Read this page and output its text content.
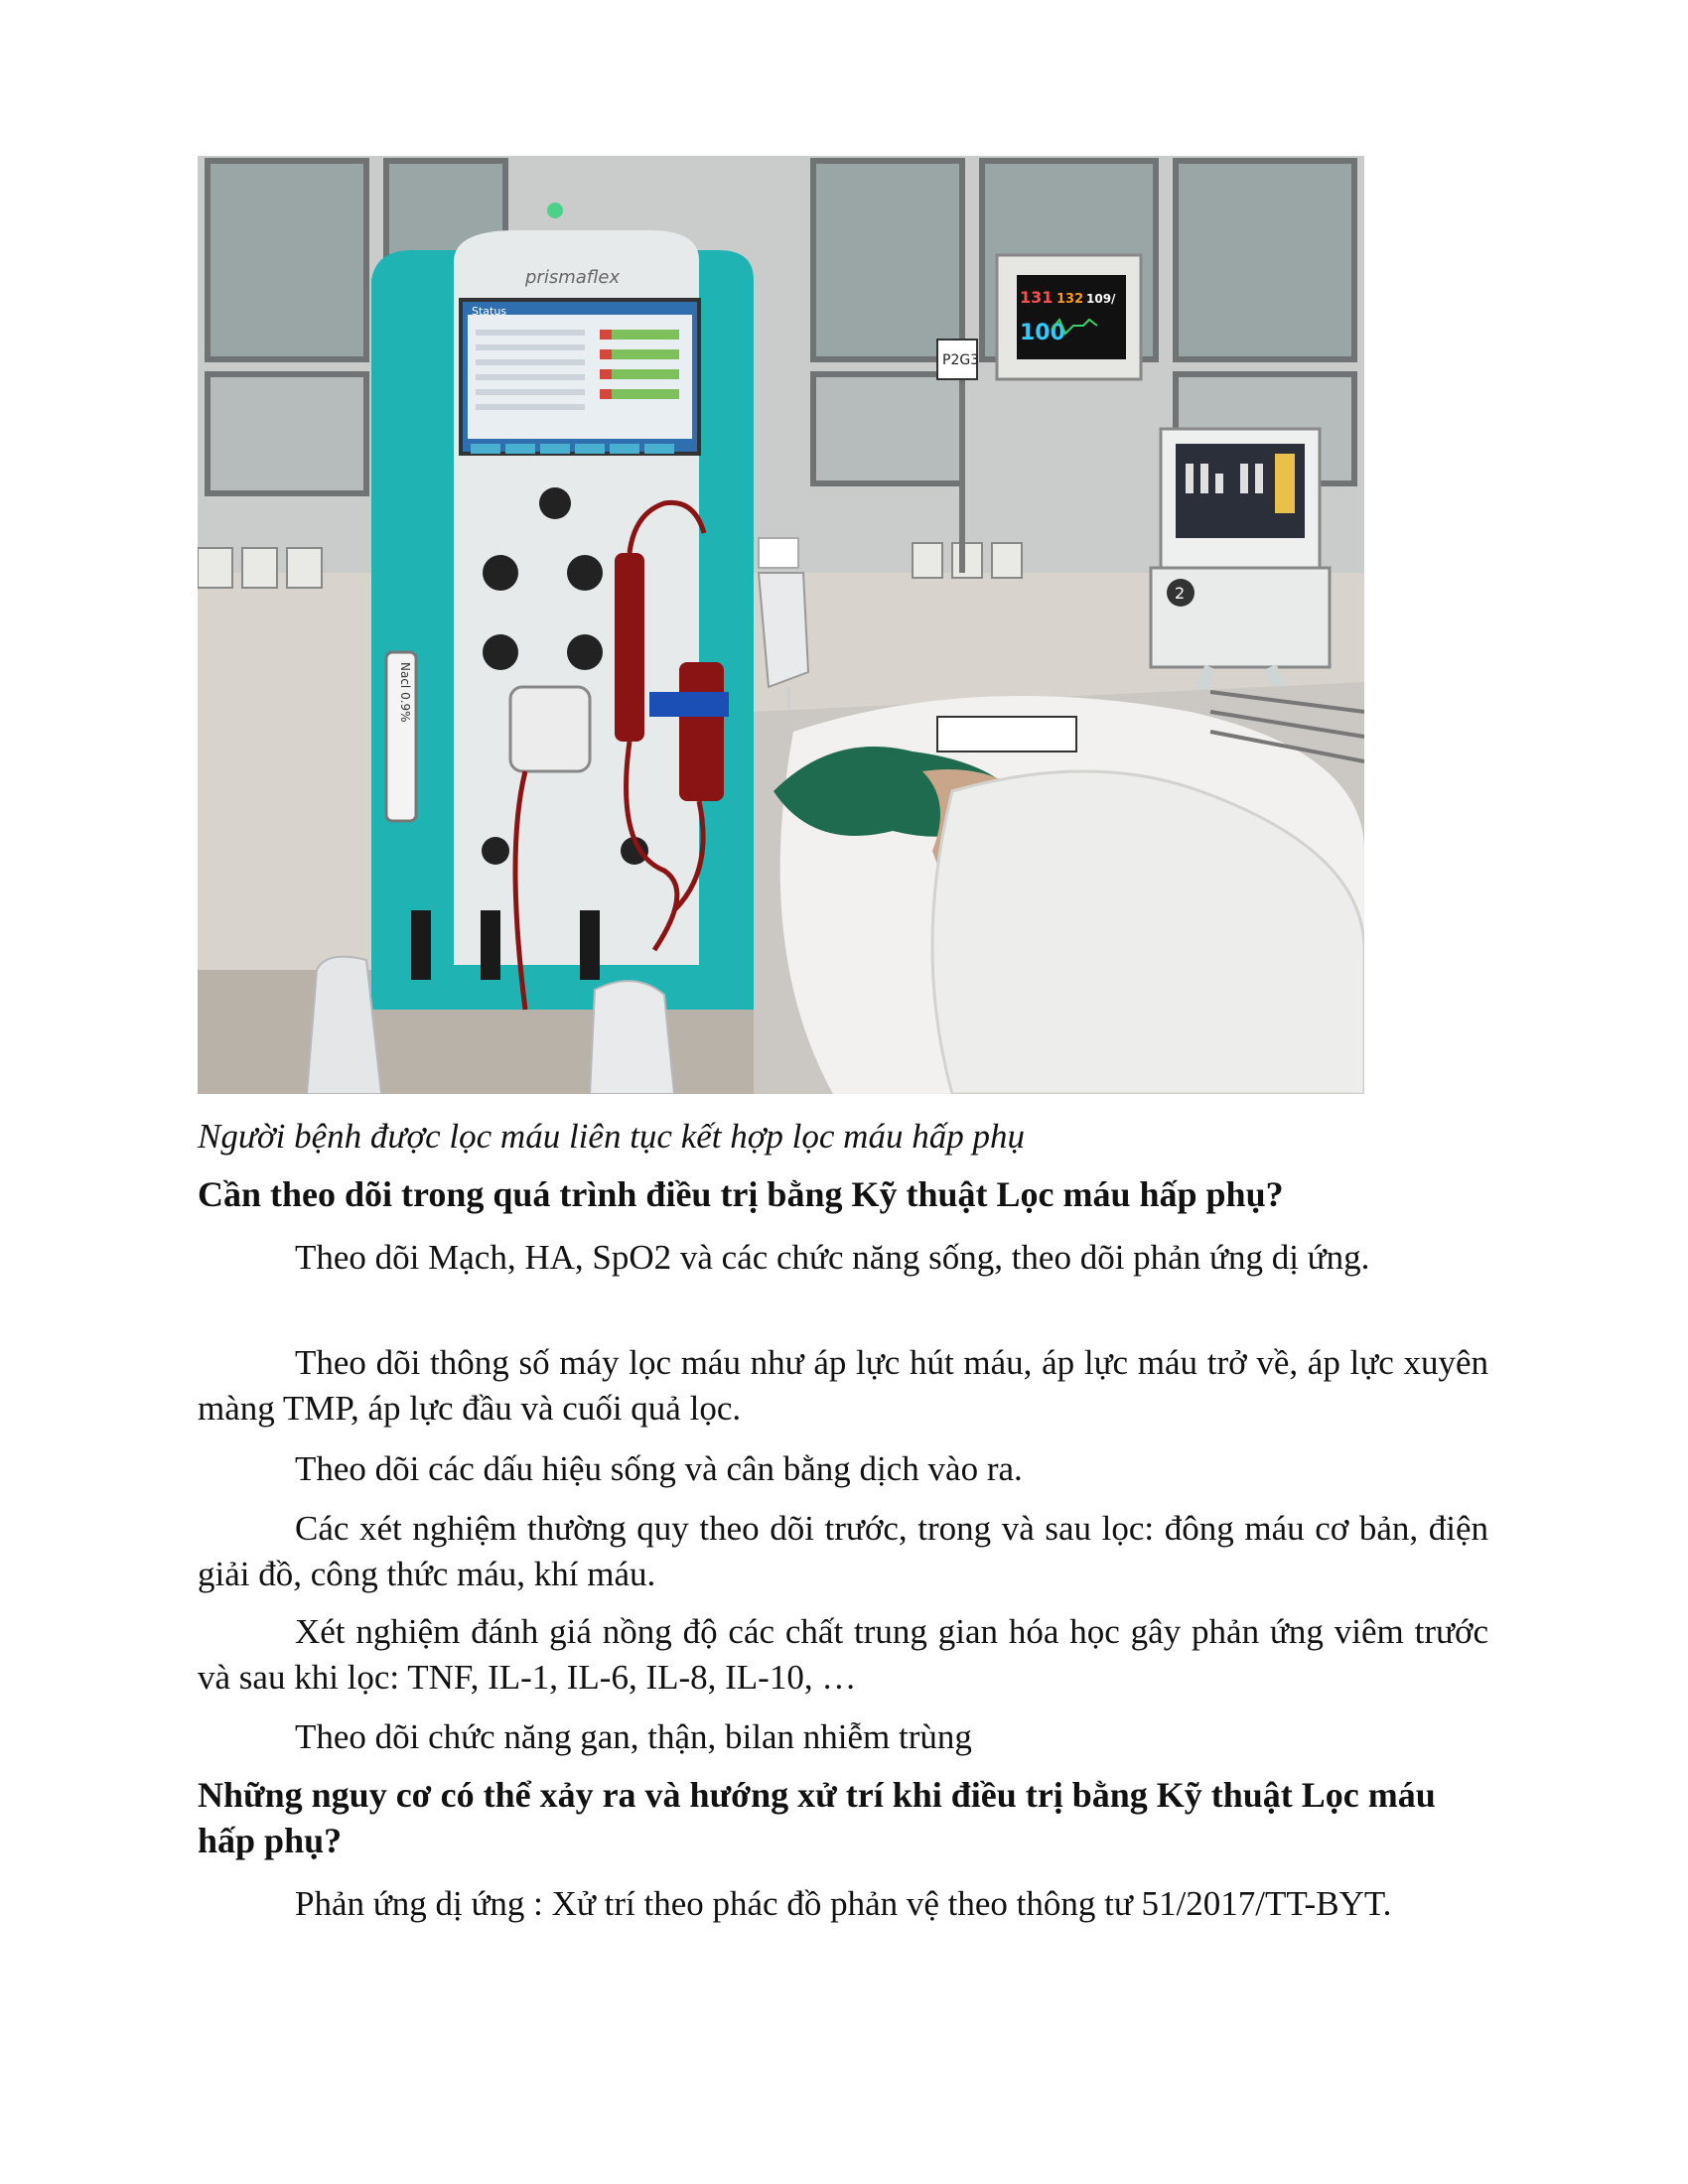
prismaflex
Status
Nacl 0.9%
131 132 109/
100
P2G3
2
Người bệnh được lọc máu liên tục kết hợp lọc máu hấp phụ
Cần theo dõi trong quá trình điều trị bằng Kỹ thuật Lọc máu hấp phụ?
Theo dõi Mạch, HA, SpO2 và các chức năng sống, theo dõi phản ứng dị ứng.
Theo dõi thông số máy lọc máu như áp lực hút máu, áp lực máu trở về, áp lực xuyên màng TMP, áp lực đầu và cuối quả lọc.
Theo dõi các dấu hiệu sống và cân bằng dịch vào ra.
Các xét nghiệm thường quy theo dõi trước, trong và sau lọc: đông máu cơ bản, điện giải đồ, công thức máu, khí máu.
Xét nghiệm đánh giá nồng độ các chất trung gian hóa học gây phản ứng viêm trước và sau khi lọc: TNF, IL-1, IL-6, IL-8, IL-10, …
Theo dõi chức năng gan, thận, bilan nhiễm trùng
Những nguy cơ có thể xảy ra và hướng xử trí khi điều trị bằng Kỹ thuật Lọc máu hấp phụ?
Phản ứng dị ứng : Xử trí theo phác đồ phản vệ theo thông tư 51/2017/TT-BYT.
